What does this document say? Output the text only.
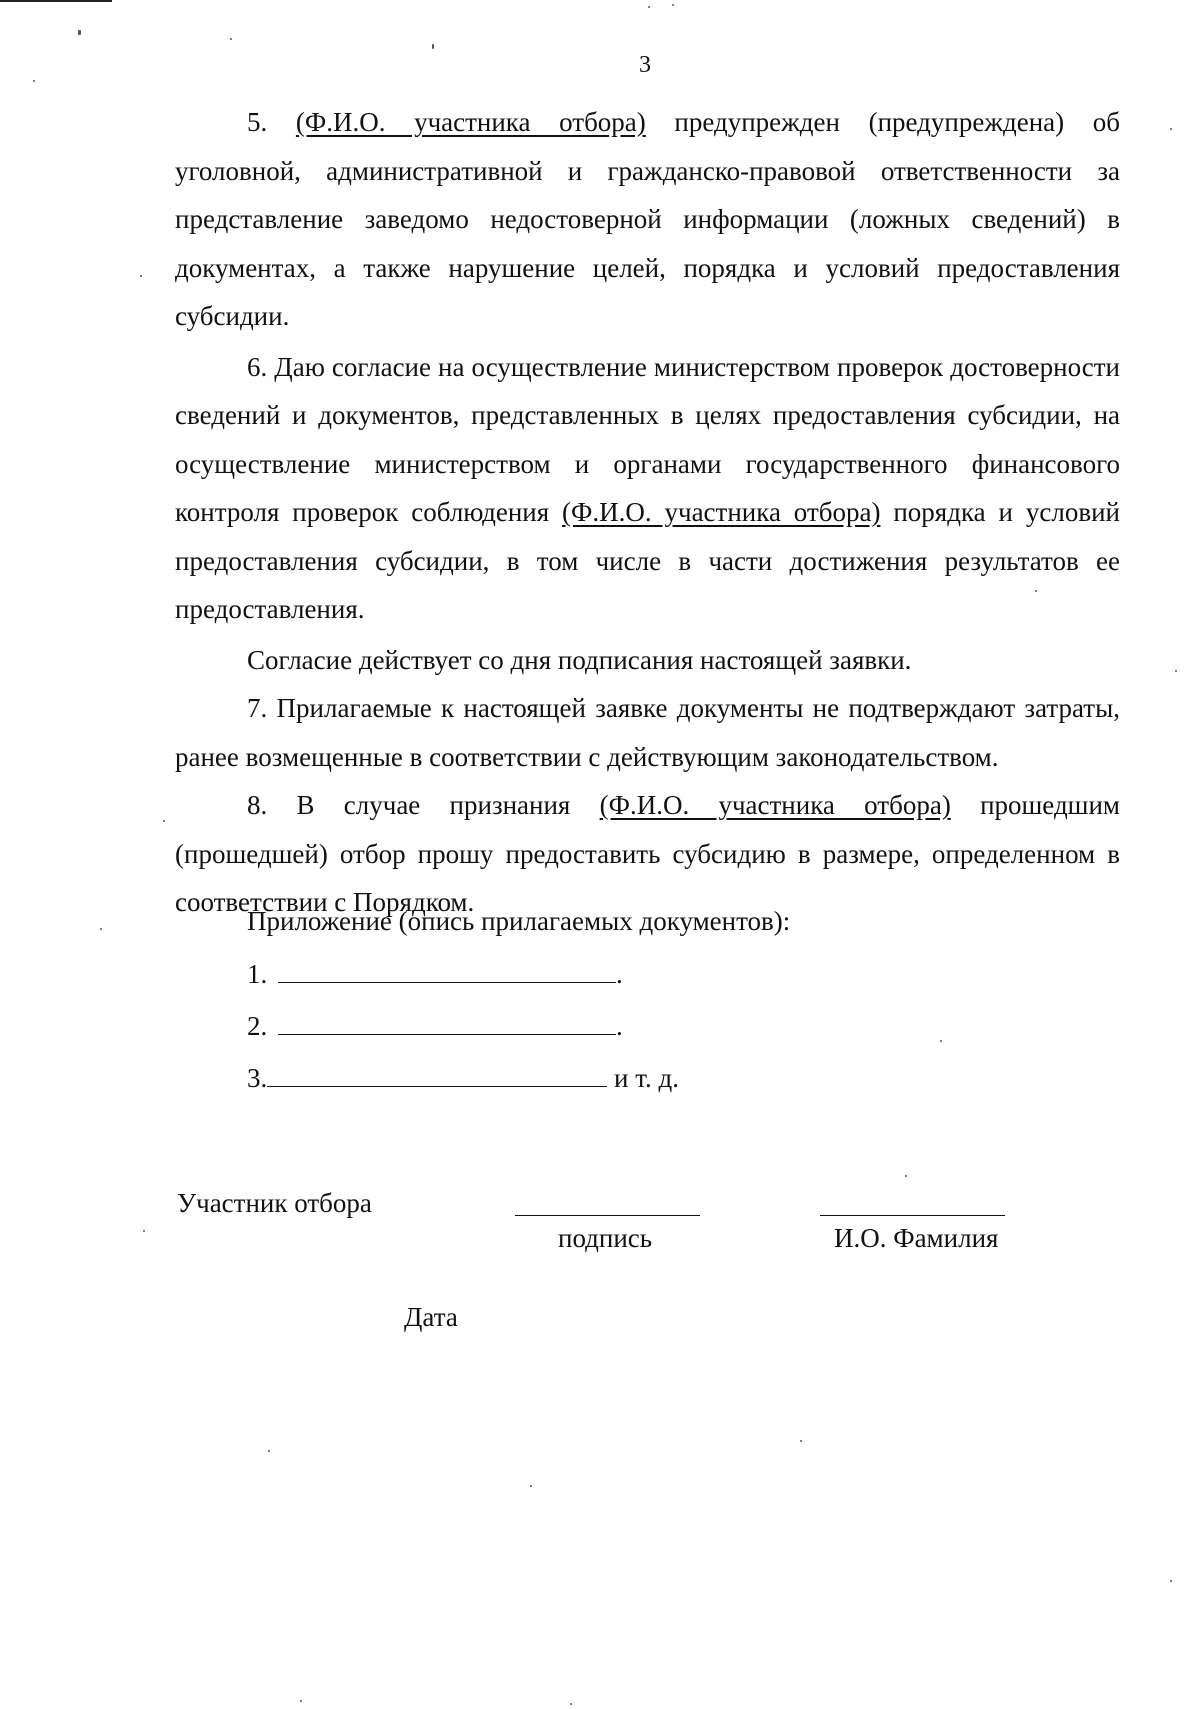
3

5. (Ф.И.О. участника отбора) предупрежден (предупреждена) об уголовной, административной и гражданско-правовой ответственности за представление заведомо недостоверной информации (ложных сведений) в документах, а также нарушение целей, порядка и условий предоставления субсидии.

6. Даю согласие на осуществление министерством проверок достоверности сведений и документов, представленных в целях предоставления субсидии, на осуществление министерством и органами государственного финансового контроля проверок соблюдения (Ф.И.О. участника отбора) порядка и условий предоставления субсидии, в том числе в части достижения результатов ее предоставления.

Согласие действует со дня подписания настоящей заявки.

7. Прилагаемые к настоящей заявке документы не подтверждают затраты, ранее возмещенные в соответствии с действующим законодательством.

8. В случае признания (Ф.И.О. участника отбора) прошедшим (прошедшей) отбор прошу предоставить субсидию в размере, определенном в соответствии с Порядком.

Приложение (опись прилагаемых документов):
1.	.
2.	.
3.	и т. д.
Участник отбора
подпись	И.О. Фамилия
Дата
